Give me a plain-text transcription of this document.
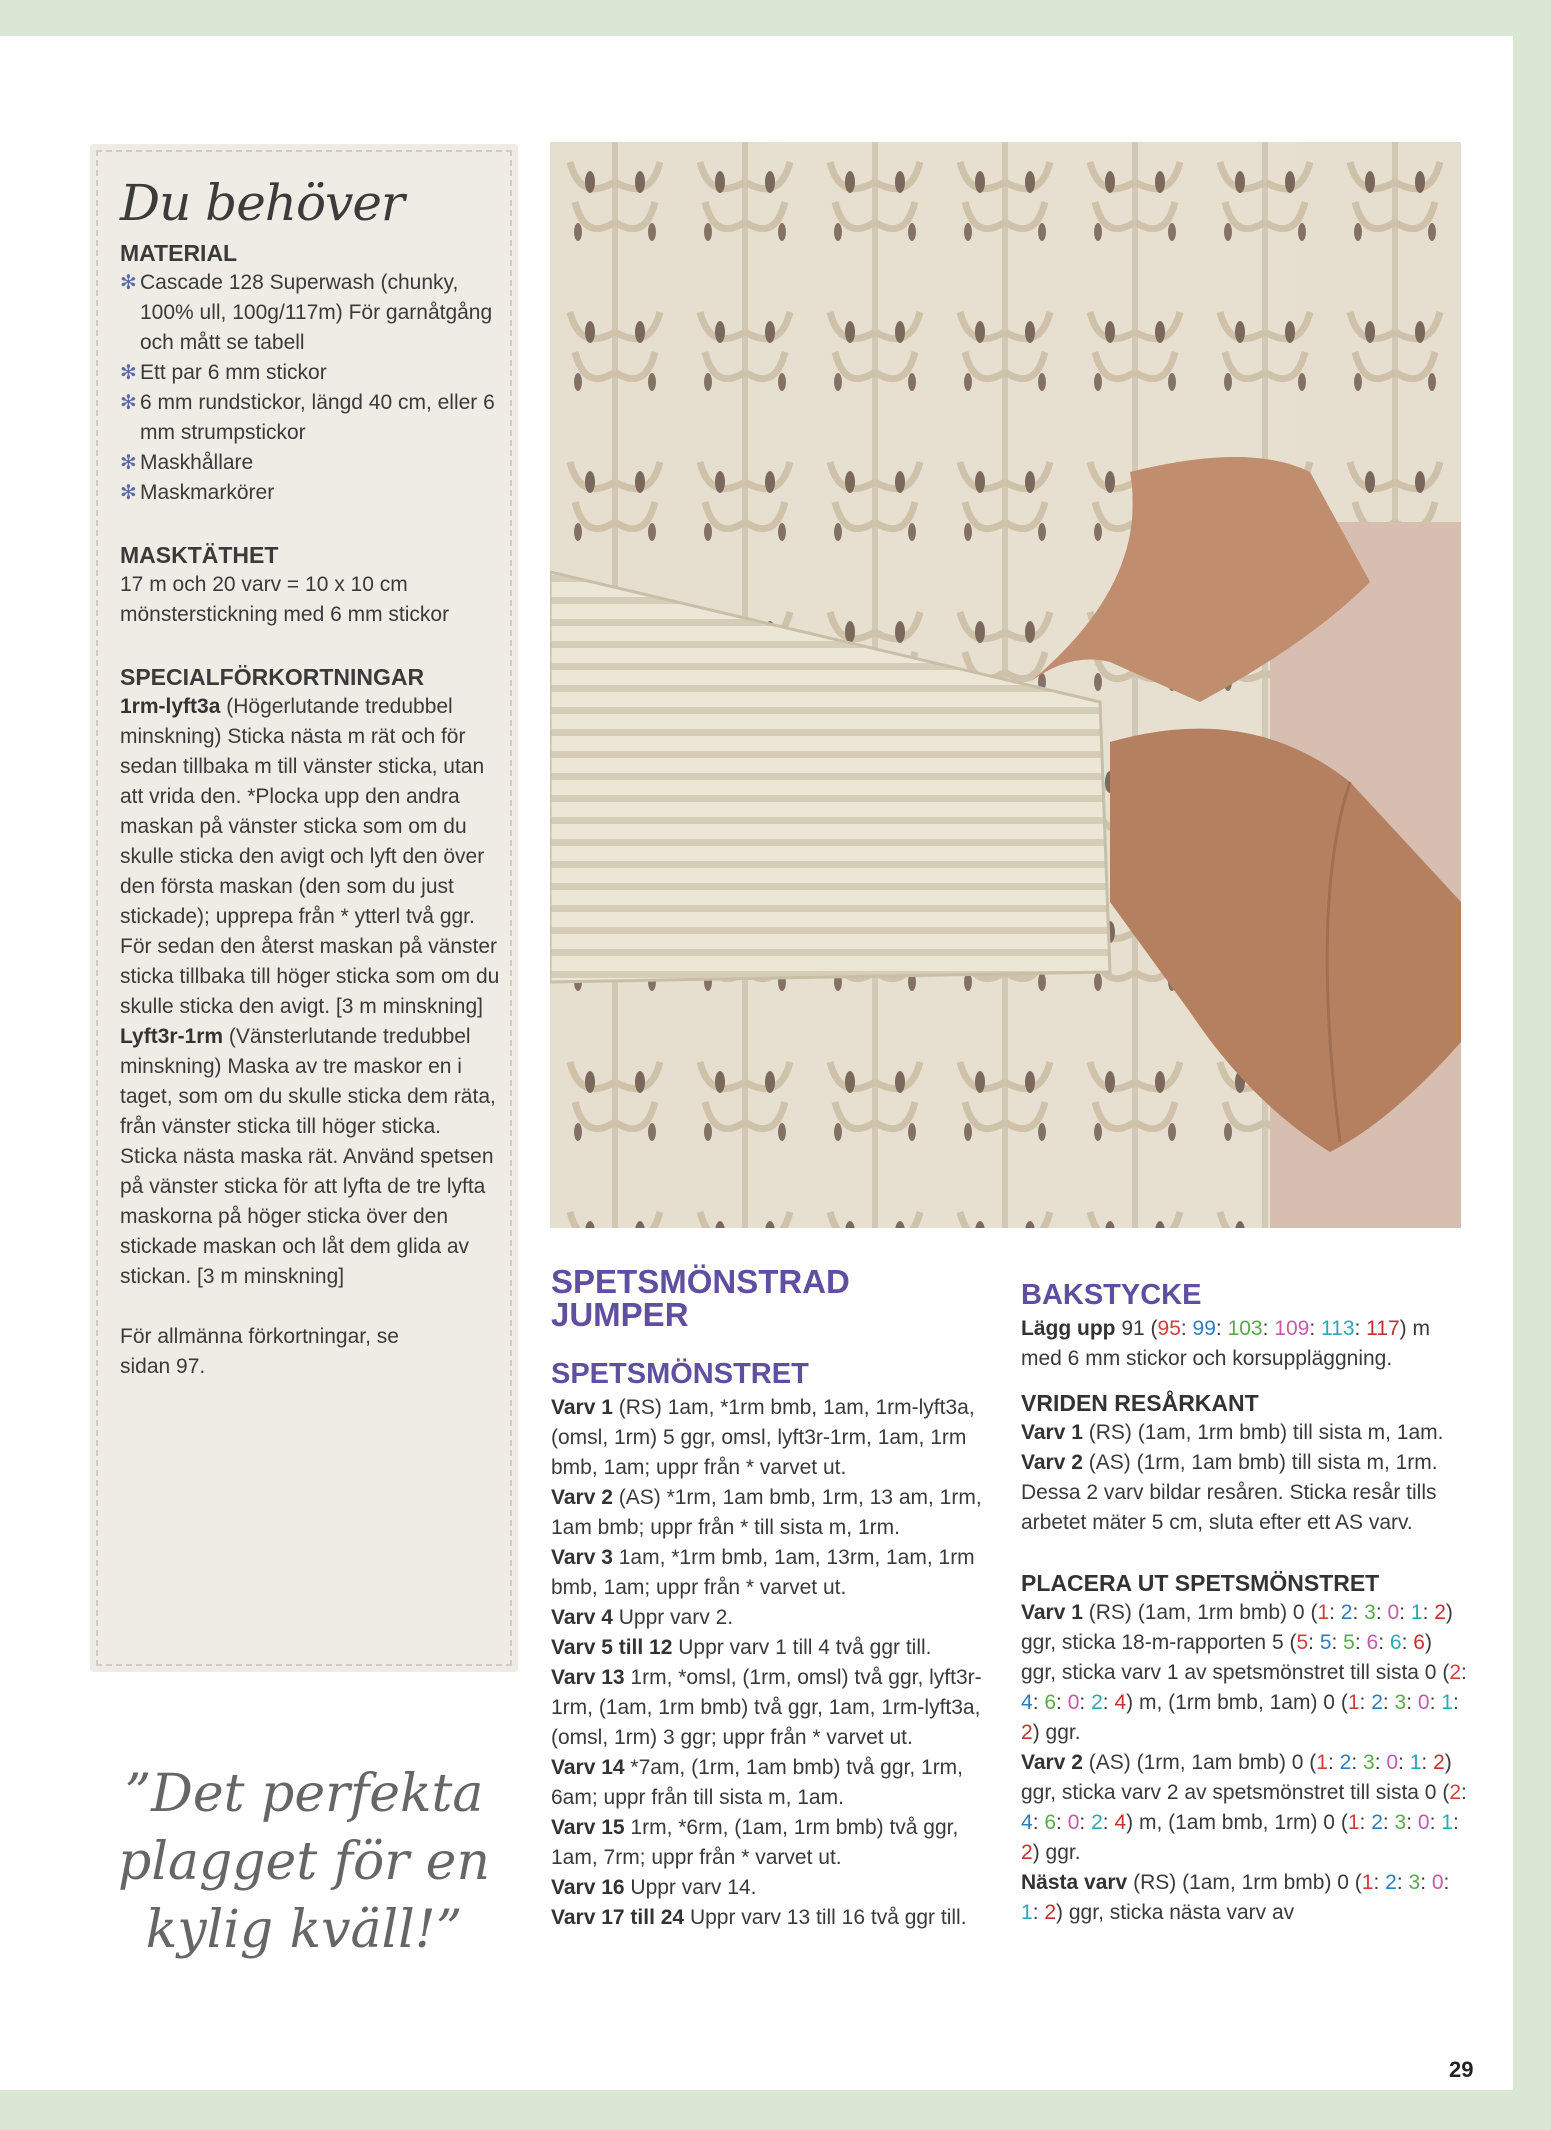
Du behöver
MATERIAL
✻ Cascade 128 Superwash (chunky, 100% ull, 100g/117m) För garnåtgång och mått se tabell
✻ Ett par 6 mm stickor
✻ 6 mm rundstickor, längd 40 cm, eller 6 mm strumpstickor
✻ Maskhållare
✻ Maskmarkörer
MASKTÄTHET
17 m och 20 varv = 10 x 10 cm mönsterstickning med 6 mm stickor
SPECIALFÖRKORTNINGAR
1rm-lyft3a (Högerlutande tredubbel minskning) Sticka nästa m rät och för sedan tillbaka m till vänster sticka, utan att vrida den. *Plocka upp den andra maskan på vänster sticka som om du skulle sticka den avigt och lyft den över den första maskan (den som du just stickade); upprepa från * ytterl två ggr. För sedan den återst maskan på vänster sticka tillbaka till höger sticka som om du skulle sticka den avigt. [3 m minskning]
Lyft3r-1rm (Vänsterlutande tredubbel minskning) Maska av tre maskor en i taget, som om du skulle sticka dem räta, från vänster sticka till höger sticka. Sticka nästa maska rät. Använd spetsen på vänster sticka för att lyfta de tre lyfta maskorna på höger sticka över den stickade maskan och låt dem glida av stickan. [3 m minskning]
För allmänna förkortningar, se sidan 97.
”Det perfekta plagget för en kylig kväll!”
SPETSMÖNSTRAD JUMPER
SPETSMÖNSTRET

Varv 1 (RS) 1am, *1rm bmb, 1am, 1rm-lyft3a, (omsl, 1rm) 5 ggr, omsl, lyft3r-1rm, 1am, 1rm bmb, 1am; uppr från * varvet ut.

Varv 2 (AS) *1rm, 1am bmb, 1rm, 13 am, 1rm, 1am bmb; uppr från * till sista m, 1rm.

Varv 3 1am, *1rm bmb, 1am, 13rm, 1am, 1rm bmb, 1am; uppr från * varvet ut.

Varv 4 Uppr varv 2.

Varv 5 till 12 Uppr varv 1 till 4 två ggr till.

Varv 13 1rm, *omsl, (1rm, omsl) två ggr, lyft3r-1rm, (1am, 1rm bmb) två ggr, 1am, 1rm-lyft3a, (omsl, 1rm) 3 ggr; uppr från * varvet ut.

Varv 14 *7am, (1rm, 1am bmb) två ggr, 1rm, 6am; uppr från till sista m, 1am.

Varv 15 1rm, *6rm, (1am, 1rm bmb) två ggr, 1am, 7rm; uppr från * varvet ut.

Varv 16 Uppr varv 14.

Varv 17 till 24 Uppr varv 13 till 16 två ggr till.

BAKSTYCKE

Lägg upp 91 (95: 99: 103: 109: 113: 117) m med 6 mm stickor och korsuppläggning.

VRIDEN RESÅRKANT

Varv 1 (RS) (1am, 1rm bmb) till sista m, 1am.

Varv 2 (AS) (1rm, 1am bmb) till sista m, 1rm.

Dessa 2 varv bildar resåren. Sticka resår tills arbetet mäter 5 cm, sluta efter ett AS varv.

PLACERA UT SPETSMÖNSTRET

Varv 1 (RS) (1am, 1rm bmb) 0 (1: 2: 3: 0: 1: 2) ggr, sticka 18-m-rapporten 5 (5: 5: 5: 6: 6: 6) ggr, sticka varv 1 av spetsmönstret till sista 0 (2: 4: 6: 0: 2: 4) m, (1rm bmb, 1am) 0 (1: 2: 3: 0: 1: 2) ggr.

Varv 2 (AS) (1rm, 1am bmb) 0 (1: 2: 3: 0: 1: 2) ggr, sticka varv 2 av spetsmönstret till sista 0 (2: 4: 6: 0: 2: 4) m, (1am bmb, 1rm) 0 (1: 2: 3: 0: 1: 2) ggr.

Nästa varv (RS) (1am, 1rm bmb) 0 (1: 2: 3: 0: 1: 2) ggr, sticka nästa varv av

29
